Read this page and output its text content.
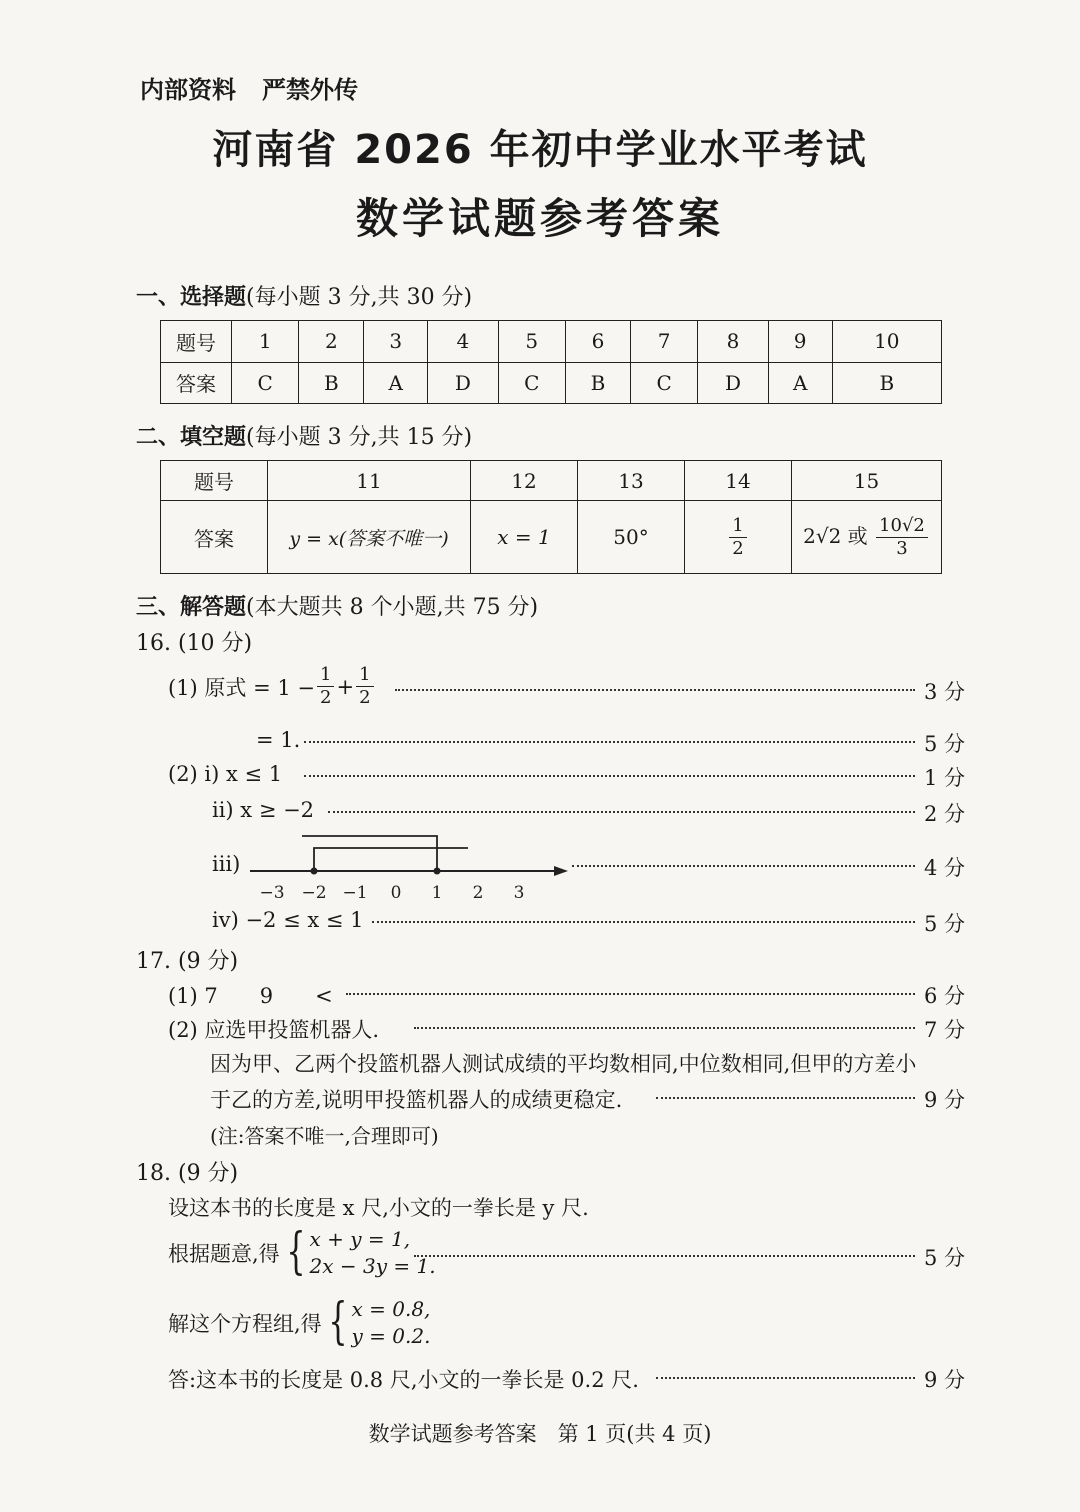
内部资料 严禁外传
河南省 2026 年初中学业水平考试
数学试题参考答案
一、选择题(每小题 3 分,共 30 分)
题号	1	2	3	4	5	6	7	8	9	10
答案	C	B	A	D	C	B	C	D	A	B
二、填空题(每小题 3 分,共 15 分)
题号	11	12	13	14	15
答案	y = x(答案不唯一)	x = 1	50°	$\frac{1}{2}$	2√2 或 $\frac{10√2}{3}$
三、解答题(本大题共 8 个小题,共 75 分)
16. (10 分)
(1) 原式 = $1 - \frac{1}{2} + \frac{1}{2}$	3 分
= 1.	5 分
(2) ⅰ) x ≤ 1	1 分
ⅱ) x ≥ −2	2 分
ⅲ)
−3 −2 −1 0 1 2 3
4 分
ⅳ) −2 ≤ x ≤ 1	5 分
17. (9 分)
(1) 7　　9　　<	6 分
(2) 应选甲投篮机器人.	7 分
因为甲、乙两个投篮机器人测试成绩的平均数相同,中位数相同,但甲的方差小
于乙的方差,说明甲投篮机器人的成绩更稳定.	9 分
(注:答案不唯一,合理即可)
18. (9 分)
设这本书的长度是 x 尺,小文的一拳长是 y 尺.
根据题意,得 { x + y = 1,
2x − 3y = 1.	5 分
解这个方程组,得 { x = 0.8,
y = 0.2.
答:这本书的长度是 0.8 尺,小文的一拳长是 0.2 尺.	9 分
数学试题参考答案　第 1 页(共 4 页)
